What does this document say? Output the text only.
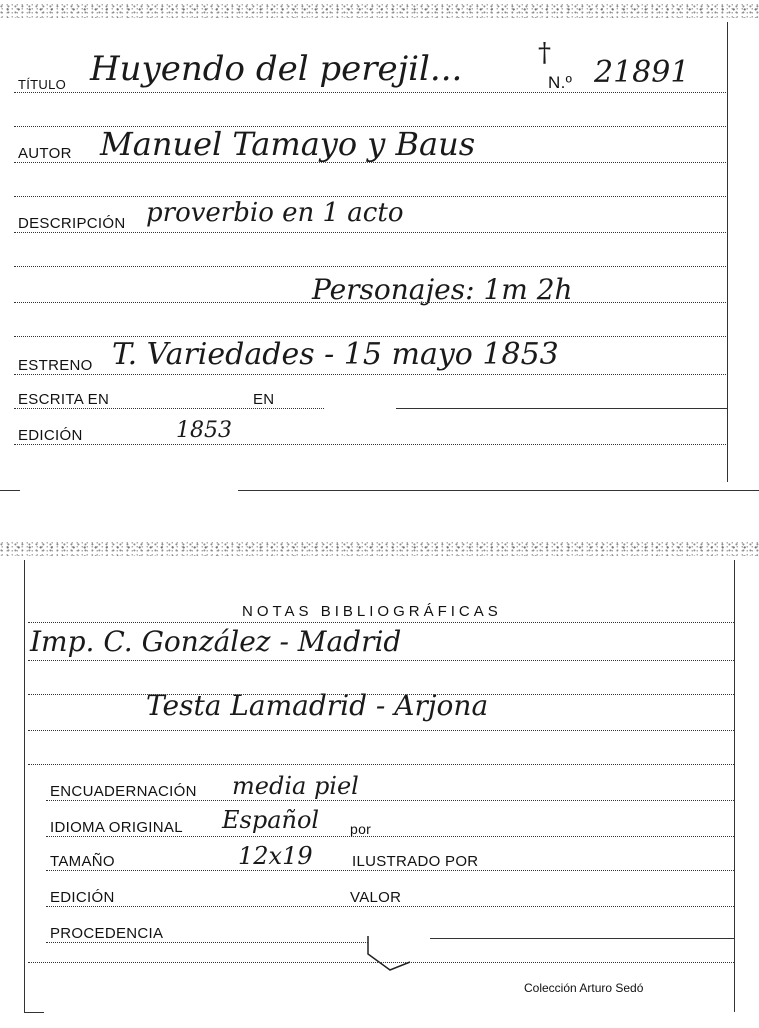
TÍTULO Huyendo del perejil...	†
N.º 21891
AUTOR Manuel Tamayo y Baus
DESCRIPCIÓN proverbio en 1 acto
Personajes: 1m 2h
ESTRENO T. Variedades - 15 mayo 1853
ESCRITA EN	EN
EDICIÓN	1853
NOTAS BIBLIOGRÁFICAS
Imp. C. González - Madrid
Testa Lamadrid - Arjona
ENCUADERNACIÓN media piel
IDIOMA ORIGINAL Español por
TAMAÑO	12x19	ILUSTRADO POR
EDICIÓN	VALOR
PROCEDENCIA
Colección Arturo Sedó
